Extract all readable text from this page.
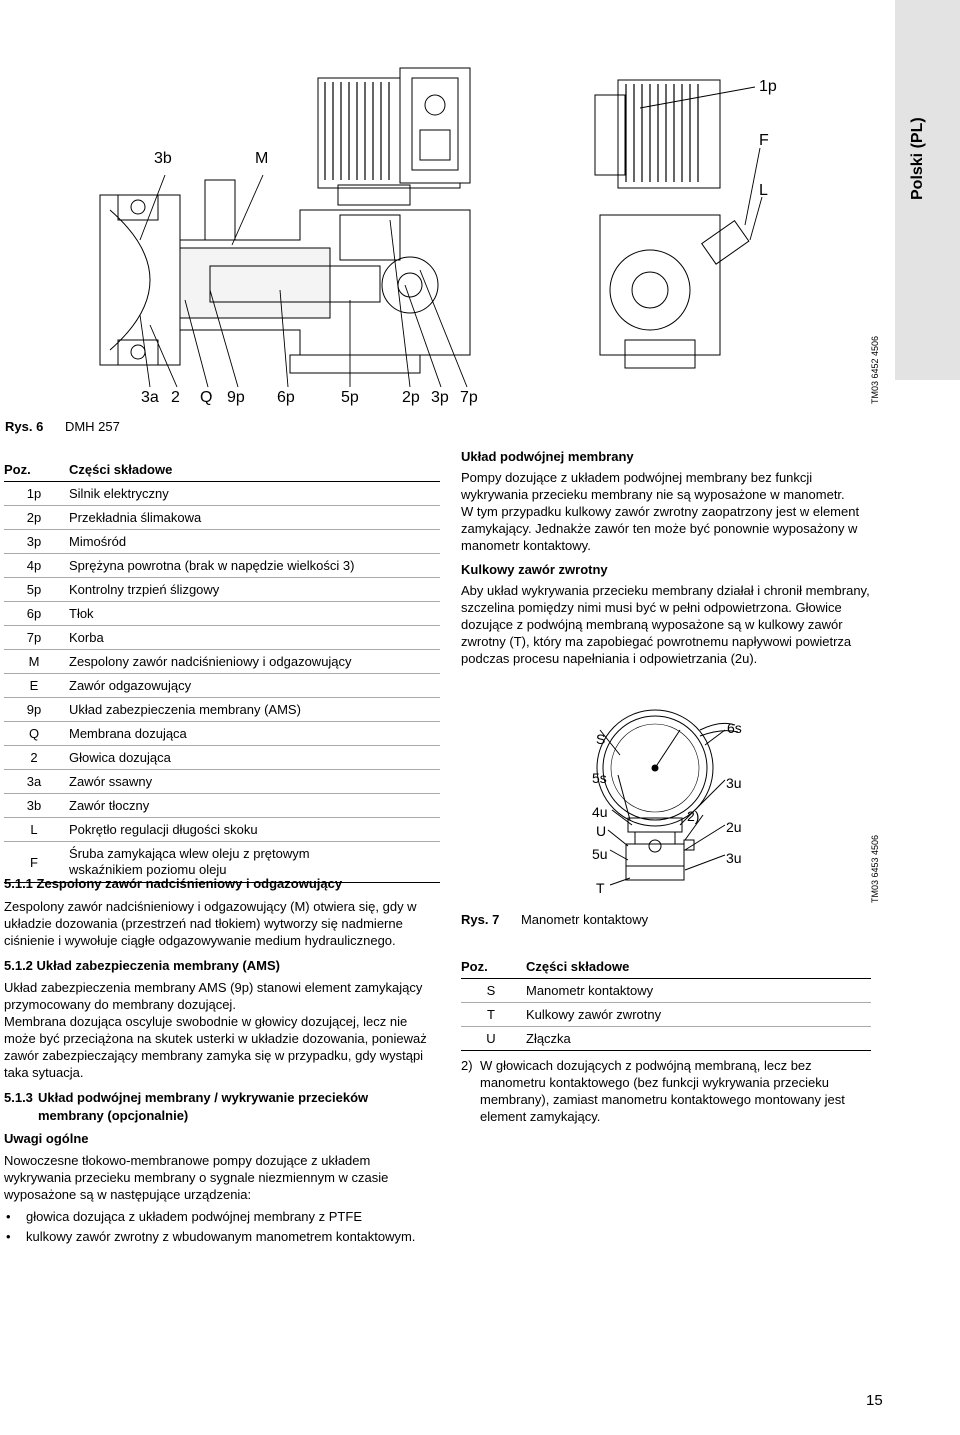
Polski (PL)
3b	M
1p
F
L
3a 2 Q 9p 6p	5p	2p 3p 7p	TM03 6452 4506
Rys. 6 DMH 257
Poz.	Części składowe
1p	Silnik elektryczny
2p	Przekładnia ślimakowa
3p	Mimośród
4p	Sprężyna powrotna (brak w napędzie wielkości 3)
5p	Kontrolny trzpień ślizgowy
6p	Tłok
7p	Korba
M	Zespolony zawór nadciśnieniowy i odgazowujący
E	Zawór odgazowujący
9p	Układ zabezpieczenia membrany (AMS)
Q	Membrana dozująca
2	Głowica dozująca
3a	Zawór ssawny
3b	Zawór tłoczny
L	Pokrętło regulacji długości skoku
F	Śruba zamykająca wlew oleju z prętowym wskaźnikiem poziomu oleju

5.1.1 Zespolony zawór nadciśnieniowy i odgazowujący

Zespolony zawór nadciśnieniowy i odgazowujący (M) otwiera się, gdy w układzie dozowania (przestrzeń nad tłokiem) wytworzy się nadmierne ciśnienie i wywołuje ciągłe odgazowywanie medium hydraulicznego.

5.1.2 Układ zabezpieczenia membrany (AMS)

Układ zabezpieczenia membrany AMS (9p) stanowi element zamykający przymocowany do membrany dozującej.

Membrana dozująca oscyluje swobodnie w głowicy dozującej, lecz nie może być przeciążona na skutek usterki w układzie dozowania, ponieważ zawór zabezpieczający membrany zamyka się w przypadku, gdy wystąpi taka sytuacja.

5.1.3 Układ podwójnej membrany / wykrywanie przecieków

membrany (opcjonalnie)

Uwagi ogólne

Nowoczesne tłokowo-membranowe pompy dozujące z układem wykrywania przecieku membrany o sygnale niezmiennym w czasie wyposażone są w następujące urządzenia:

• głowica dozująca z układem podwójnej membrany z PTFE
• kulkowy zawór zwrotny z wbudowanym manometrem kontaktowym.

Układ podwójnej membrany

Pompy dozujące z układem podwójnej membrany bez funkcji wykrywania przecieku membrany nie są wyposażone w manometr.

W tym przypadku kulkowy zawór zwrotny zaopatrzony jest w element zamykający. Jednakże zawór ten może być ponownie wyposażony w manometr kontaktowy.

Kulkowy zawór zwrotny

Aby układ wykrywania przecieku membrany działał i chronił membrany, szczelina pomiędzy nimi musi być w pełni odpowietrzona. Głowice dozujące z podwójną membraną wyposażone są w kulkowy zawór zwrotny (T), który ma zapobiegać powrotnemu napływowi powietrza podczas procesu napełniania i odpowietrzania (2u).

S
6s
5s	3u
4u
U
2)
2u
5u	3u
T	TM03 6453 4506
Rys. 7 Manometr kontaktowy
Poz.	Części składowe
S	Manometr kontaktowy
T	Kulkowy zawór zwrotny
U	Złączka
2) W głowicach dozujących z podwójną membraną, lecz bez manometru kontaktowego (bez funkcji wykrywania przecieku membrany), zamiast manometru kontaktowego montowany jest element zamykający.

15
